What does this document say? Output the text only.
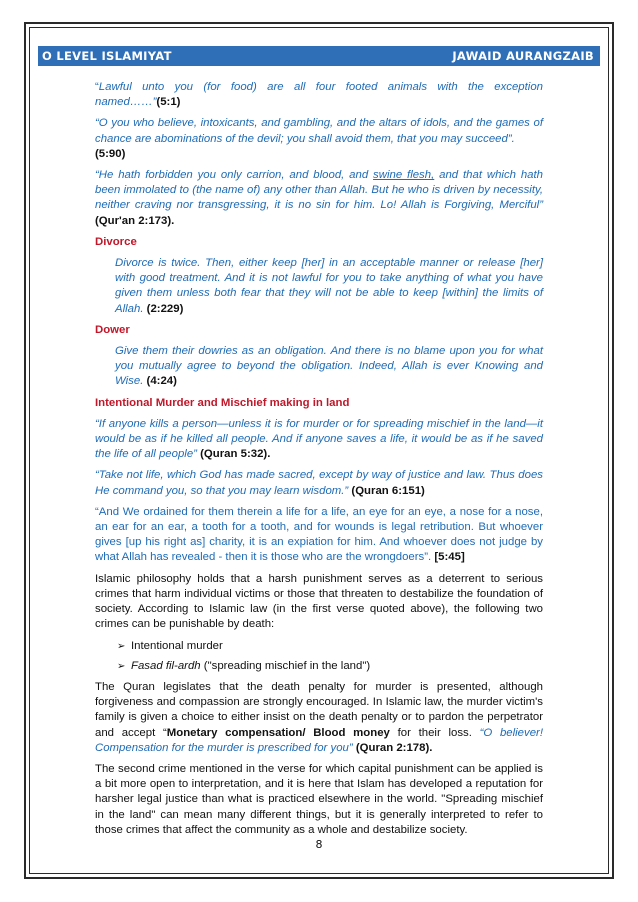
O LEVEL ISLAMIYAT	JAWAID AURANGZAIB

“Lawful unto you (for food) are all four footed animals with the exception named……”(5:1)

“O you who believe, intoxicants, and gambling, and the altars of idols, and the games of chance are abominations of the devil; you shall avoid them, that you may succeed”.
(5:90)

“He hath forbidden you only carrion, and blood, and swine flesh, and that which hath been immolated to (the name of) any other than Allah. But he who is driven by necessity, neither craving nor transgressing, it is no sin for him. Lo! Allah is Forgiving, Merciful” (Qur'an 2:173).

Divorce

Divorce is twice. Then, either keep [her] in an acceptable manner or release [her] with good treatment. And it is not lawful for you to take anything of what you have given them unless both fear that they will not be able to keep [within] the limits of Allah. (2:229)

Dower

Give them their dowries as an obligation. And there is no blame upon you for what you mutually agree to beyond the obligation. Indeed, Allah is ever Knowing and Wise. (4:24)

Intentional Murder and Mischief making in land

“If anyone kills a person—unless it is for murder or for spreading mischief in the land—it would be as if he killed all people. And if anyone saves a life, it would be as if he saved the life of all people” (Quran 5:32).

“Take not life, which God has made sacred, except by way of justice and law. Thus does He command you, so that you may learn wisdom.” (Quran 6:151)

“And We ordained for them therein a life for a life, an eye for an eye, a nose for a nose, an ear for an ear, a tooth for a tooth, and for wounds is legal retribution. But whoever gives [up his right as] charity, it is an expiation for him. And whoever does not judge by what Allah has revealed - then it is those who are the wrongdoers”. [5:45]

Islamic philosophy holds that a harsh punishment serves as a deterrent to serious crimes that harm individual victims or those that threaten to destabilize the foundation of society. According to Islamic law (in the first verse quoted above), the following two crimes can be punishable by death:

➢ Intentional murder
➢ Fasad fil-ardh ("spreading mischief in the land")

The Quran legislates that the death penalty for murder is presented, although forgiveness and compassion are strongly encouraged. In Islamic law, the murder victim's family is given a choice to either insist on the death penalty or to pardon the perpetrator and accept “Monetary compensation/ Blood money for their loss. “O believer! Compensation for the murder is prescribed for you” (Quran 2:178).

The second crime mentioned in the verse for which capital punishment can be applied is a bit more open to interpretation, and it is here that Islam has developed a reputation for harsher legal justice than what is practiced elsewhere in the world. "Spreading mischief in the land" can mean many different things, but it is generally interpreted to refer to those crimes that affect the community as a whole and destabilize society.

8
